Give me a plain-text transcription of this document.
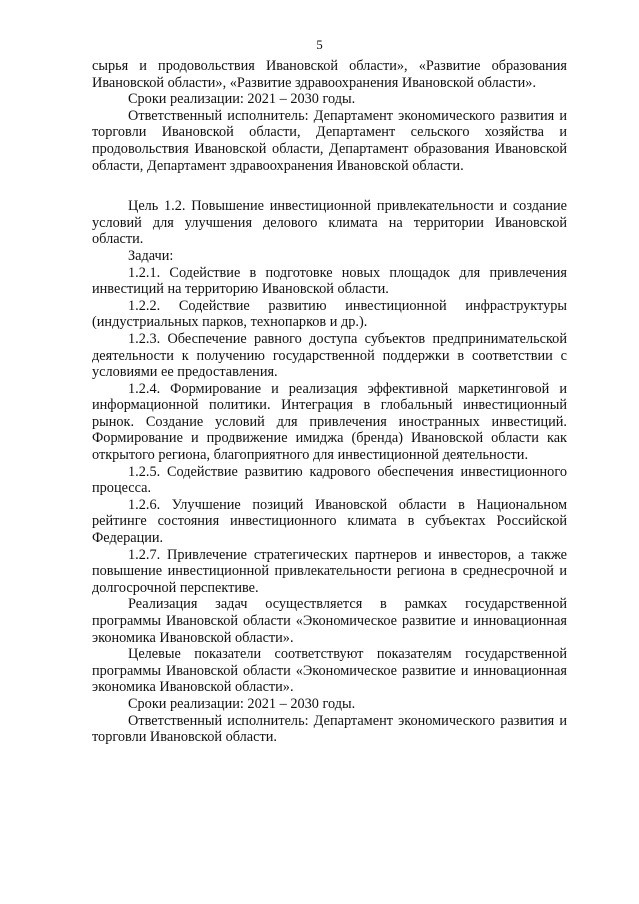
5

сырья и продовольствия Ивановской области», «Развитие образования Ивановской области», «Развитие здравоохранения Ивановской области».

Сроки реализации: 2021 – 2030 годы.

Ответственный исполнитель: Департамент экономического развития и торговли Ивановской области, Департамент сельского хозяйства и продовольствия Ивановской области, Департамент образования Ивановской области, Департамент здравоохранения Ивановской области.

Цель 1.2. Повышение инвестиционной привлекательности и создание условий для улучшения делового климата на территории Ивановской области.

Задачи:

1.2.1. Содействие в подготовке новых площадок для привлечения инвестиций на территорию Ивановской области.

1.2.2. Содействие развитию инвестиционной инфраструктуры (индустриальных парков, технопарков и др.).

1.2.3. Обеспечение равного доступа субъектов предпринимательской деятельности к получению государственной поддержки в соответствии с условиями ее предоставления.

1.2.4. Формирование и реализация эффективной маркетинговой и информационной политики. Интеграция в глобальный инвестиционный рынок. Создание условий для привлечения иностранных инвестиций. Формирование и продвижение имиджа (бренда) Ивановской области как открытого региона, благоприятного для инвестиционной деятельности.

1.2.5. Содействие развитию кадрового обеспечения инвестиционного процесса.

1.2.6. Улучшение позиций Ивановской области в Национальном рейтинге состояния инвестиционного климата в субъектах Российской Федерации.

1.2.7. Привлечение стратегических партнеров и инвесторов, а также повышение инвестиционной привлекательности региона в среднесрочной и долгосрочной перспективе.

Реализация задач осуществляется в рамках государственной программы Ивановской области «Экономическое развитие и инновационная экономика Ивановской области».

Целевые показатели соответствуют показателям государственной программы Ивановской области «Экономическое развитие и инновационная экономика Ивановской области».

Сроки реализации: 2021 – 2030 годы.

Ответственный исполнитель: Департамент экономического развития и торговли Ивановской области.
